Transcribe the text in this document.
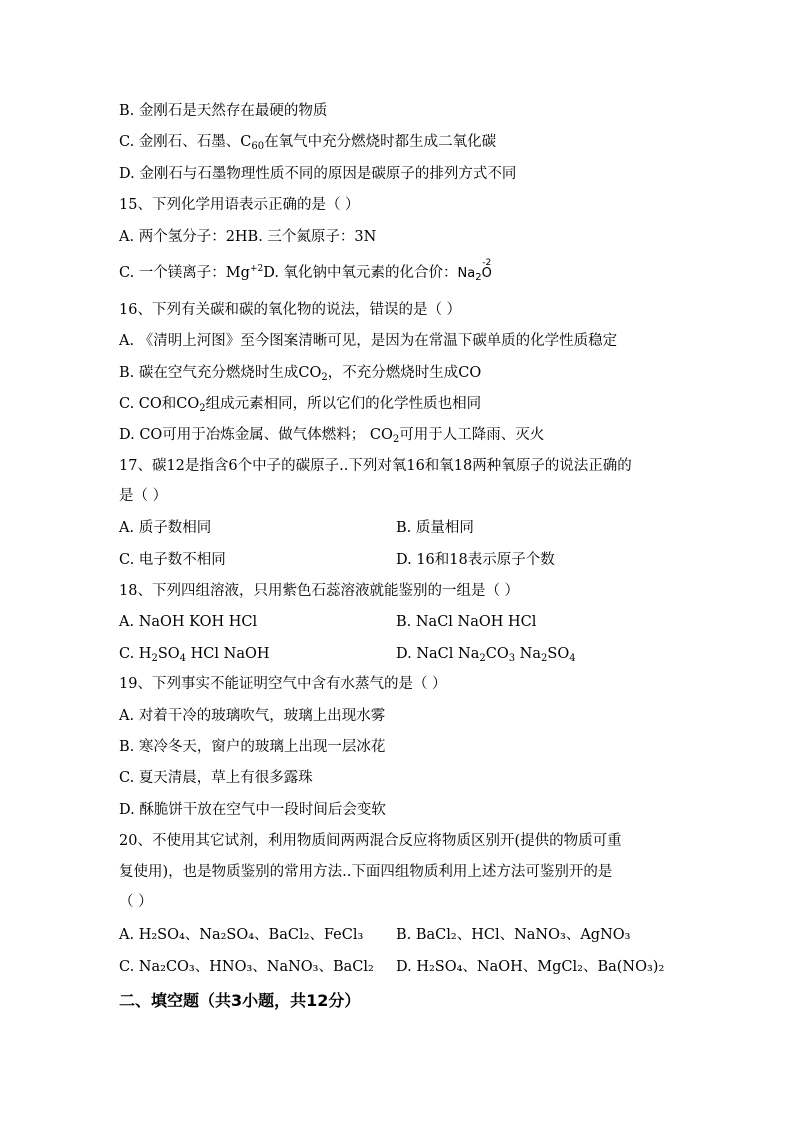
B. 金刚石是天然存在最硬的物质
C. 金刚石、石墨、$C_{60}$在氧气中充分燃烧时都生成二氧化碳
D. 金刚石与石墨物理性质不同的原因是碳原子的排列方式不同
15、下列化学用语表示正确的是（ ）
A. 两个氢分子：2HB. 三个氮原子：3N
C. 一个镁离子：$Mg^{+2}D$. 氧化钠中氧元素的化合价：$Na_2$
-2
O
16、下列有关碳和碳的氧化物的说法，错误的是（ ）
A. 《清明上河图》至今图案清晰可见，是因为在常温下碳单质的化学性质稳定
B. 碳在空气充分燃烧时生成$CO_2$，不充分燃烧时生成CO
C. CO和$CO_2$组成元素相同，所以它们的化学性质也相同
D. CO可用于冶炼金属、做气体燃料； $CO_2$可用于人工降雨、灭火
17、碳12是指含6个中子的碳原子..下列对氧16和氧18两种氧原子的说法正确的
是（ ）
A. 质子数相同	B. 质量相同
C. 电子数不相同	D. 16和18表示原子个数
18、下列四组溶液，只用紫色石蕊溶液就能鉴别的一组是（ ）
A. NaOH KOH HCl	B. NaCl NaOH HCl
C. $H_2SO_4$ HCl NaOH	D. NaCl $Na_2CO_3$ $Na_2SO_4$
19、下列事实不能证明空气中含有水蒸气的是（ ）
A. 对着干冷的玻璃吹气，玻璃上出现水雾
B. 寒冷冬天，窗户的玻璃上出现一层冰花
C. 夏天清晨，草上有很多露珠
D. 酥脆饼干放在空气中一段时间后会变软
20、不使用其它试剂，利用物质间两两混合反应将物质区别开(提供的物质可重
复使用)，也是物质鉴别的常用方法..下面四组物质利用上述方法可鉴别开的是
（ ）
A. H₂SO₄、Na₂SO₄、BaCl₂、FeCl₃ B. BaCl₂、HCl、NaNO₃、AgNO₃
C. Na₂CO₃、HNO₃、NaNO₃、BaCl₂ D. H₂SO₄、NaOH、MgCl₂、Ba(NO₃)₂
二、填空题（共3小题，共12分）
